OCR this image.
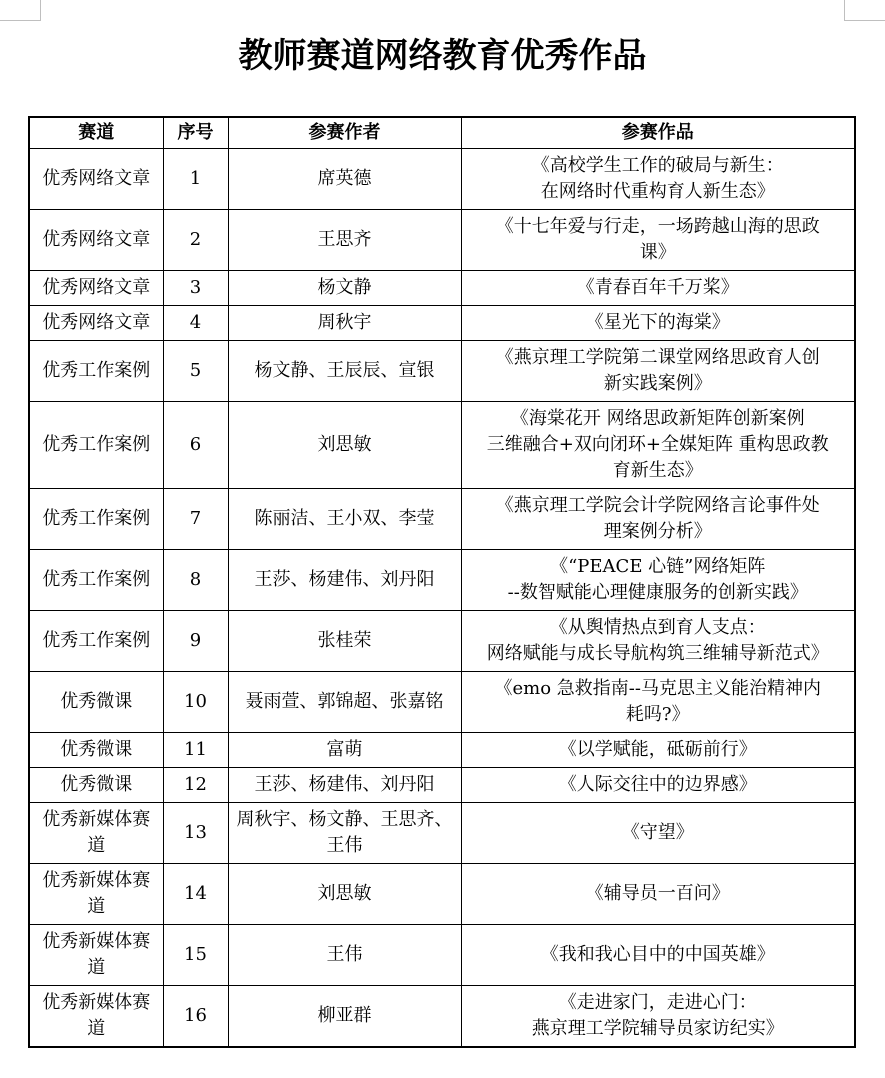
教师赛道网络教育优秀作品
赛道	序号	参赛作者	参赛作品
优秀网络文章	1	席英德	《高校学生工作的破局与新生：
在网络时代重构育人新生态》

优秀网络文章	2	王思齐	《十七年爱与行走，一场跨越山海的思政
课》

优秀网络文章	3	杨文静	《青春百年千万桨》

优秀网络文章	4	周秋宇	《星光下的海棠》

优秀工作案例	5	杨文静、王辰辰、宣银	《燕京理工学院第二课堂网络思政育人创
新实践案例》

优秀工作案例	6	刘思敏	《海棠花开 网络思政新矩阵创新案例
三维融合+双向闭环+全媒矩阵 重构思政教
育新生态》

优秀工作案例	7	陈丽洁、王小双、李莹	《燕京理工学院会计学院网络言论事件处
理案例分析》

优秀工作案例	8	王莎、杨建伟、刘丹阳	《“PEACE 心链”网络矩阵
--数智赋能心理健康服务的创新实践》

优秀工作案例	9	张桂荣	《从舆情热点到育人支点：
网络赋能与成长导航构筑三维辅导新范式》

优秀微课	10	聂雨萱、郭锦超、张嘉铭	《emo 急救指南--马克思主义能治精神内
耗吗?》

优秀微课	11	富萌	《以学赋能，砥砺前行》

优秀微课	12	王莎、杨建伟、刘丹阳	《人际交往中的边界感》

优秀新媒体赛道	13	周秋宇、杨文静、王思齐、王伟	《守望》

优秀新媒体赛道	14	刘思敏	《辅导员一百问》

优秀新媒体赛道	15	王伟	《我和我心目中的中国英雄》

优秀新媒体赛道	16	柳亚群	《走进家门，走进心门：
燕京理工学院辅导员家访纪实》
